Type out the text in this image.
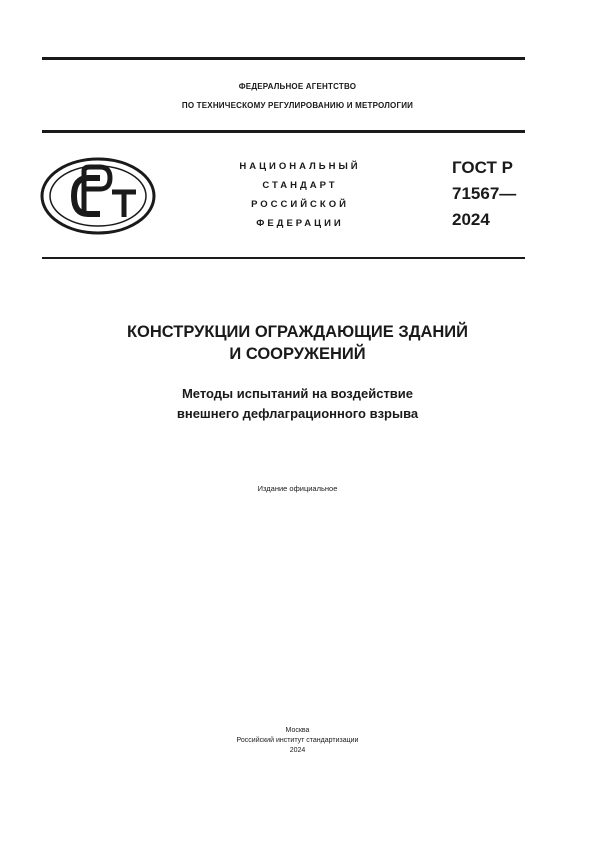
ФЕДЕРАЛЬНОЕ АГЕНТСТВО
ПО ТЕХНИЧЕСКОМУ РЕГУЛИРОВАНИЮ И МЕТРОЛОГИИ
НАЦИОНАЛЬНЫЙ
СТАНДАРТ
РОССИЙСКОЙ
ФЕДЕРАЦИИ
ГОСТ Р
71567—
2024
КОНСТРУКЦИИ ОГРАЖДАЮЩИЕ ЗДАНИЙ
И СООРУЖЕНИЙ
Методы испытаний на воздействие
внешнего дефлаграционного взрыва
Издание официальное
Москва
Российский институт стандартизации
2024
